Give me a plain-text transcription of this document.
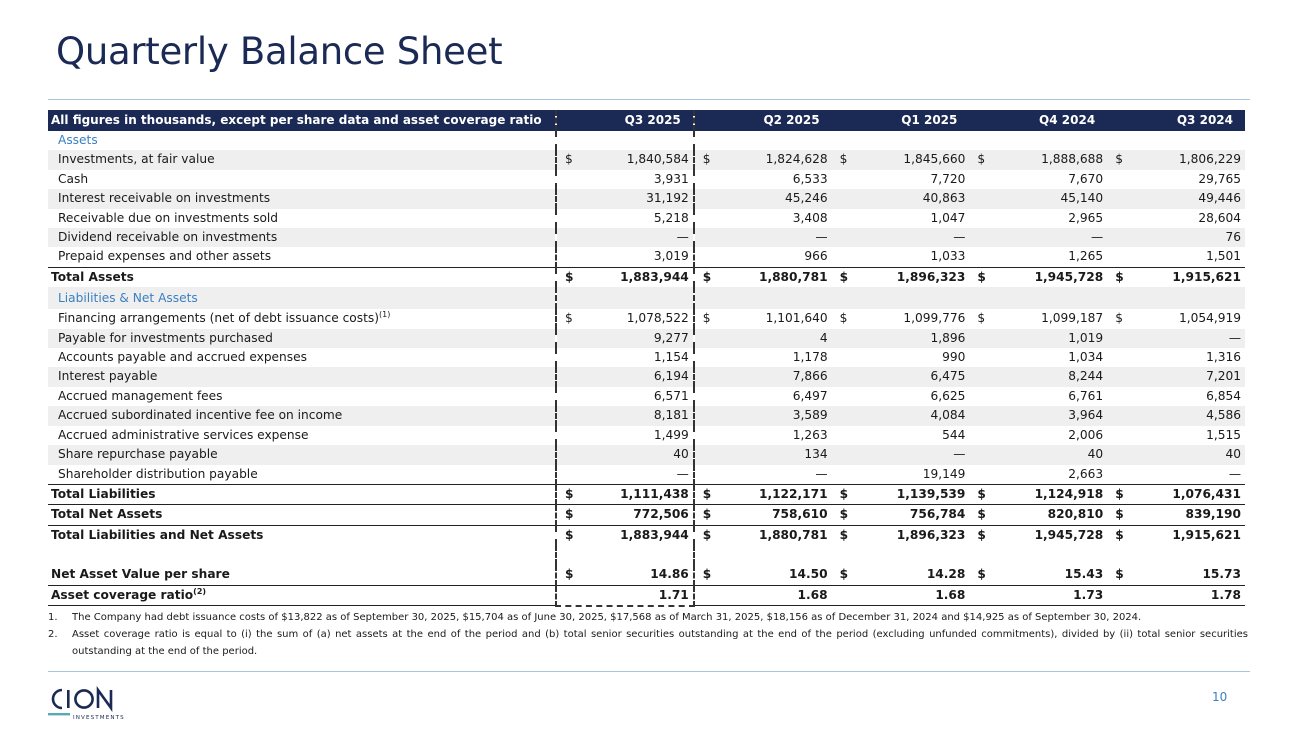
Quarterly Balance Sheet
All figures in thousands, except per share data and asset coverage ratio	Q3 2025	Q2 2025	Q1 2025	Q4 2024	Q3 2024
Assets					
Investments, at fair value	$ 1,840,584	$ 1,824,628	$ 1,845,660	$ 1,888,688	$ 1,806,229
Cash	3,931	6,533	7,720	7,670	29,765
Interest receivable on investments	31,192	45,246	40,863	45,140	49,446
Receivable due on investments sold	5,218	3,408	1,047	2,965	28,604
Dividend receivable on investments	—	—	—	—	76
Prepaid expenses and other assets	3,019	966	1,033	1,265	1,501
Total Assets	$ 1,883,944	$ 1,880,781	$ 1,896,323	$ 1,945,728	$ 1,915,621
Liabilities & Net Assets					
Financing arrangements (net of debt issuance costs)$^{(1)}$	$ 1,078,522	$ 1,101,640	$ 1,099,776	$ 1,099,187	$ 1,054,919
Payable for investments purchased	9,277	4	1,896	1,019	—
Accounts payable and accrued expenses	1,154	1,178	990	1,034	1,316
Interest payable	6,194	7,866	6,475	8,244	7,201
Accrued management fees	6,571	6,497	6,625	6,761	6,854
Accrued subordinated incentive fee on income	8,181	3,589	4,084	3,964	4,586
Accrued administrative services expense	1,499	1,263	544	2,006	1,515
Share repurchase payable	40	134	—	40	40
Shareholder distribution payable	—	—	19,149	2,663	—
Total Liabilities	$ 1,111,438	$ 1,122,171	$ 1,139,539	$ 1,124,918	$ 1,076,431
Total Net Assets	$ 772,506	$ 758,610	$ 756,784	$ 820,810	$ 839,190
Total Liabilities and Net Assets	$ 1,883,944	$ 1,880,781	$ 1,896,323	$ 1,945,728	$ 1,915,621

Net Asset Value per share	$ 14.86	$ 14.50	$ 14.28	$ 15.43	$ 15.73
Asset coverage ratio$^{(2)}$	1.71	1.68	1.68	1.73	1.78
1. The Company had debt issuance costs of $13,822 as of September 30, 2025, $15,704 as of June 30, 2025, $17,568 as of March 31, 2025, $18,156 as of December 31, 2024 and $14,925 as of September 30, 2024.
2. Asset coverage ratio is equal to (i) the sum of (a) net assets at the end of the period and (b) total senior securities outstanding at the end of the period (excluding unfunded commitments), divided by (ii) total senior securities outstanding at the end of the period.
INVESTMENTS
10
